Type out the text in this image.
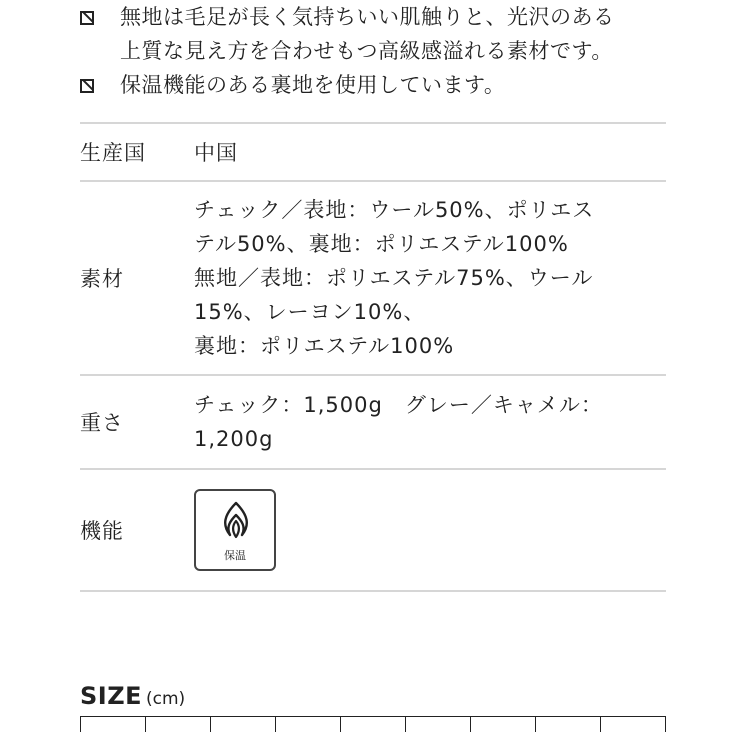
無地は毛足が長く気持ちいい肌触りと、光沢のある

上質な見え方を合わせもつ高級感溢れる素材です。

保温機能のある裏地を使用しています。

生産国	中国
素材	チェック／表地：ウール50%、ポリエス
テル50%、裏地：ポリエステル100%
無地／表地：ポリエステル75%、ウール
15%、レーヨン10%、
裏地：ポリエステル100%

重さ	チェック：1,500g　グレー／キャメル：
1,200g

機能	保温
SIZE (cm)
